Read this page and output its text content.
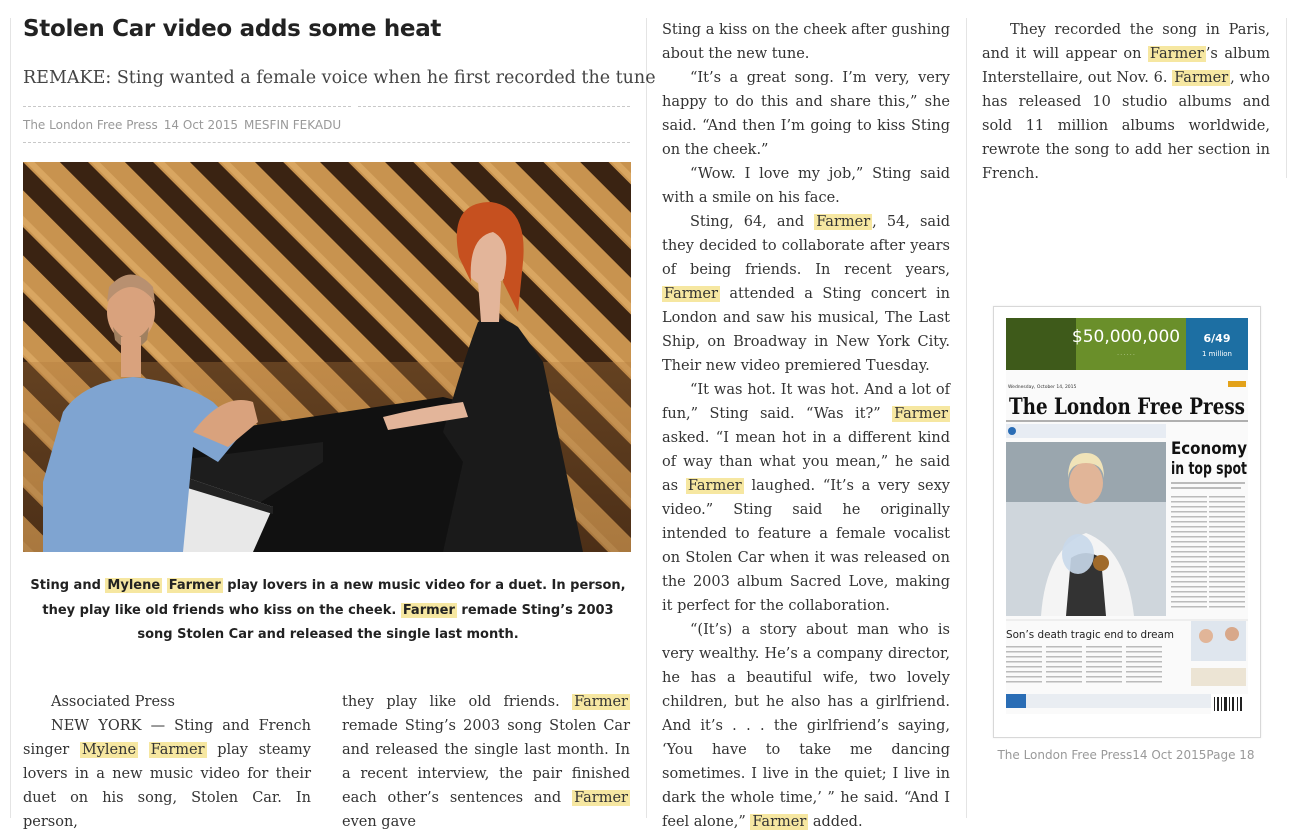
Stolen Car video adds some heat
REMAKE: Sting wanted a female voice when he first recorded the tune
The London Free Press 14 Oct 2015 MESFIN FEKADU
Sting and Mylene Farmer play lovers in a new music video for a duet. In person, they play like old friends who kiss on the cheek. Farmer remade Sting’s 2003 song Stolen Car and released the single last month.

Associated Press

NEW YORK — Sting and French singer Mylene Farmer play steamy lovers in a new music video for their duet on his song, Stolen Car. In person,

they play like old friends. Farmer remade Sting’s 2003 song Stolen Car and released the single last month. In a recent interview, the pair finished each other’s sentences and Farmer even gave

Sting a kiss on the cheek after gushing about the new tune.

“It’s a great song. I’m very, very happy to do this and share this,” she said. “And then I’m going to kiss Sting on the cheek.”

“Wow. I love my job,” Sting said with a smile on his face.

Sting, 64, and Farmer , 54, said they decided to collaborate after years of being friends. In recent years, Farmer attended a Sting concert in London and saw his musical, The Last Ship, on Broadway in New York City. Their new video premiered Tuesday.

“It was hot. It was hot. And a lot of fun,” Sting said. “Was it?” Farmer asked. “I mean hot in a different kind of way than what you mean,” he said as Farmer laughed. “It’s a very sexy video.” Sting said he originally intended to feature a female vocalist on Stolen Car when it was released on the 2003 album Sacred Love, making it perfect for the collaboration.

“(It’s) a story about man who is very wealthy. He’s a company director, he has a beautiful wife, two lovely children, but he also has a girlfriend. And it’s . . . the girlfriend’s saying, ‘You have to take me dancing sometimes. I live in the quiet; I live in dark the whole time,’ ” he said. “And I feel alone,” Farmer added.

They recorded the song in Paris, and it will appear on Farmer ’s album Interstellaire, out Nov. 6. Farmer , who has released 10 studio albums and sold 11 million albums worldwide, rewrote the song to add her section in French.

$50,000,000
· · · · · ·
6/49
1 million
Wednesday, October 14, 2015
The London Free Press
Economy
in top spot
Son’s death tragic end to dream
The London Free Press14 Oct 2015Page 18
